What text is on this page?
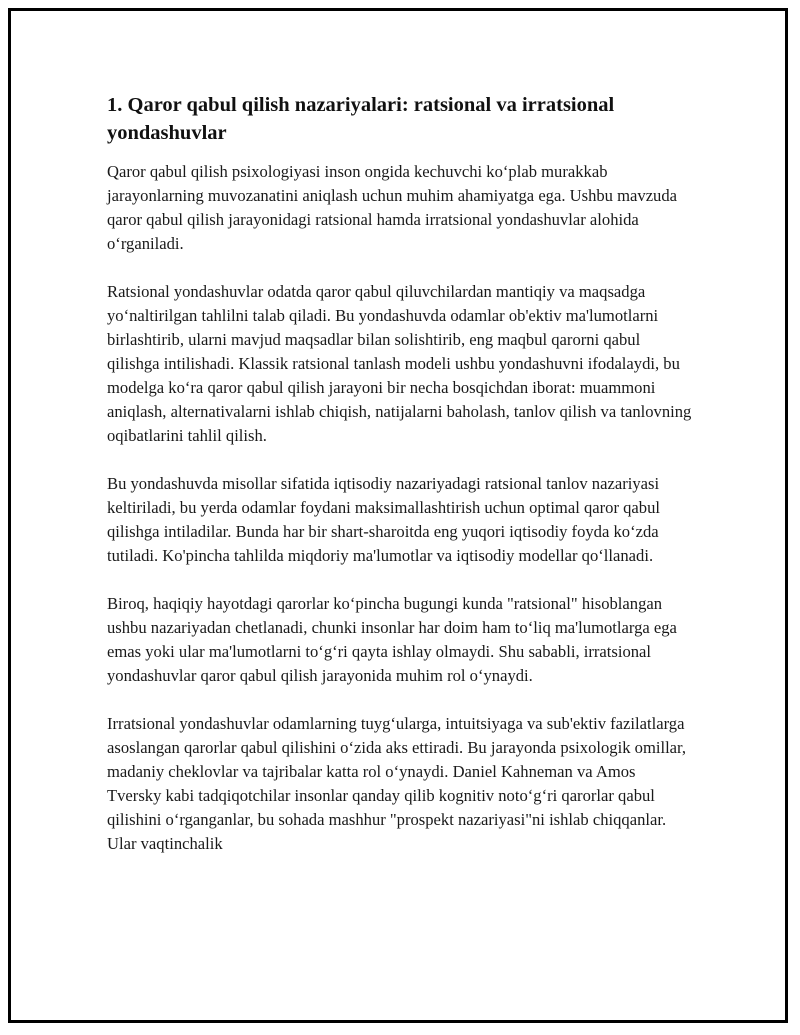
1. Qaror qabul qilish nazariyalari: ratsional va irratsional yondashuvlar

Qaror qabul qilish psixologiyasi inson ongida kechuvchi ko‘plab murakkab jarayonlarning muvozanatini aniqlash uchun muhim ahamiyatga ega. Ushbu mavzuda qaror qabul qilish jarayonidagi ratsional hamda irratsional yondashuvlar alohida o‘rganiladi.

Ratsional yondashuvlar odatda qaror qabul qiluvchilardan mantiqiy va maqsadga yo‘naltirilgan tahlilni talab qiladi. Bu yondashuvda odamlar ob'ektiv ma'lumotlarni birlashtirib, ularni mavjud maqsadlar bilan solishtirib, eng maqbul qarorni qabul qilishga intilishadi. Klassik ratsional tanlash modeli ushbu yondashuvni ifodalaydi, bu modelga ko‘ra qaror qabul qilish jarayoni bir necha bosqichdan iborat: muammoni aniqlash, alternativalarni ishlab chiqish, natijalarni baholash, tanlov qilish va tanlovning oqibatlarini tahlil qilish.

Bu yondashuvda misollar sifatida iqtisodiy nazariyadagi ratsional tanlov nazariyasi keltiriladi, bu yerda odamlar foydani maksimallashtirish uchun optimal qaror qabul qilishga intiladilar. Bunda har bir shart-sharoitda eng yuqori iqtisodiy foyda ko‘zda tutiladi. Ko'pincha tahlilda miqdoriy ma'lumotlar va iqtisodiy modellar qo‘llanadi.

Biroq, haqiqiy hayotdagi qarorlar ko‘pincha bugungi kunda "ratsional" hisoblangan ushbu nazariyadan chetlanadi, chunki insonlar har doim ham to‘liq ma'lumotlarga ega emas yoki ular ma'lumotlarni to‘g‘ri qayta ishlay olmaydi. Shu sababli, irratsional yondashuvlar qaror qabul qilish jarayonida muhim rol o‘ynaydi.

Irratsional yondashuvlar odamlarning tuyg‘ularga, intuitsiyaga va sub'ektiv fazilatlarga asoslangan qarorlar qabul qilishini o‘zida aks ettiradi. Bu jarayonda psixologik omillar, madaniy cheklovlar va tajribalar katta rol o‘ynaydi. Daniel Kahneman va Amos Tversky kabi tadqiqotchilar insonlar qanday qilib kognitiv noto‘g‘ri qarorlar qabul qilishini o‘rganganlar, bu sohada mashhur "prospekt nazariyasi"ni ishlab chiqqanlar. Ular vaqtinchalik
